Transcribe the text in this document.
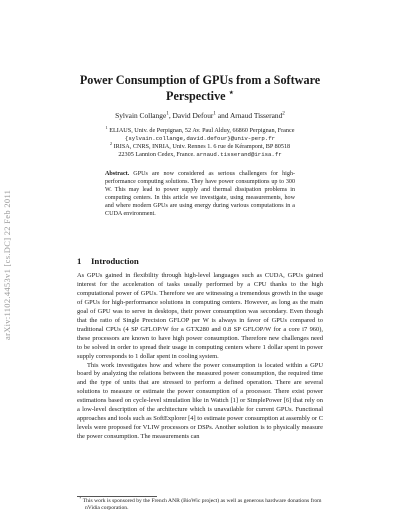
arXiv:1102.4453v1 [cs.DC] 22 Feb 2011
Power Consumption of GPUs from a Software Perspective ⋆
Sylvain Collange$^1$, David Defour$^1$ and Arnaud Tisserand$^2$
$^1$ ELIAUS, Univ. de Perpignan, 52 Av. Paul Alduy, 66860 Perpignan, France
{sylvain.collange,david.defour}@univ-perp.fr
$^2$ IRISA, CNRS, INRIA, Univ. Rennes 1. 6 rue de Kérampont, BP 80518
22305 Lannion Cedex, France. arnaud.tisserand@irisa.fr
Abstract. GPUs are now considered as serious challengers for high-performance computing solutions. They have power consumptions up to 300 W. This may lead to power supply and thermal dissipation problems in computing centers. In this article we investigate, using measurements, how and where modern GPUs are using energy during various computations in a CUDA environment.
1 Introduction

As GPUs gained in flexibility through high-level languages such as CUDA, GPUs gained interest for the acceleration of tasks usually performed by a CPU thanks to the high computational power of GPUs. Therefore we are witnessing a tremendous growth in the usage of GPUs for high-performance solutions in computing centers. However, as long as the main goal of GPU was to serve in desktops, their power consumption was secondary. Even though that the ratio of Single Precision GFLOP per W is always in favor of GPUs compared to traditional CPUs (4 SP GFLOP/W for a GTX280 and 0.8 SP GFLOP/W for a core i7 960), these processors are known to have high power consumption. Therefore new challenges need to be solved in order to spread their usage in computing centers where 1 dollar spent in power supply corresponds to 1 dollar spent in cooling system.

This work investigates how and where the power consumption is located within a GPU board by analyzing the relations between the measured power consumption, the required time and the type of units that are stressed to perform a defined operation. There are several solutions to measure or estimate the power consumption of a processor. There exist power estimations based on cycle-level simulation like in Wattch [1] or SimplePower [6] that rely on a low-level description of the architecture which is unavailable for current GPUs. Functional approaches and tools such as SoftExplorer [4] to estimate power consumption at assembly or C levels were proposed for VLIW processors or DSPs. Another solution is to physically measure the power consumption. The measurements can

⋆ This work is sponsored by the French ANR (BioWic project) as well as generous hardware donations from nVidia corporation.
